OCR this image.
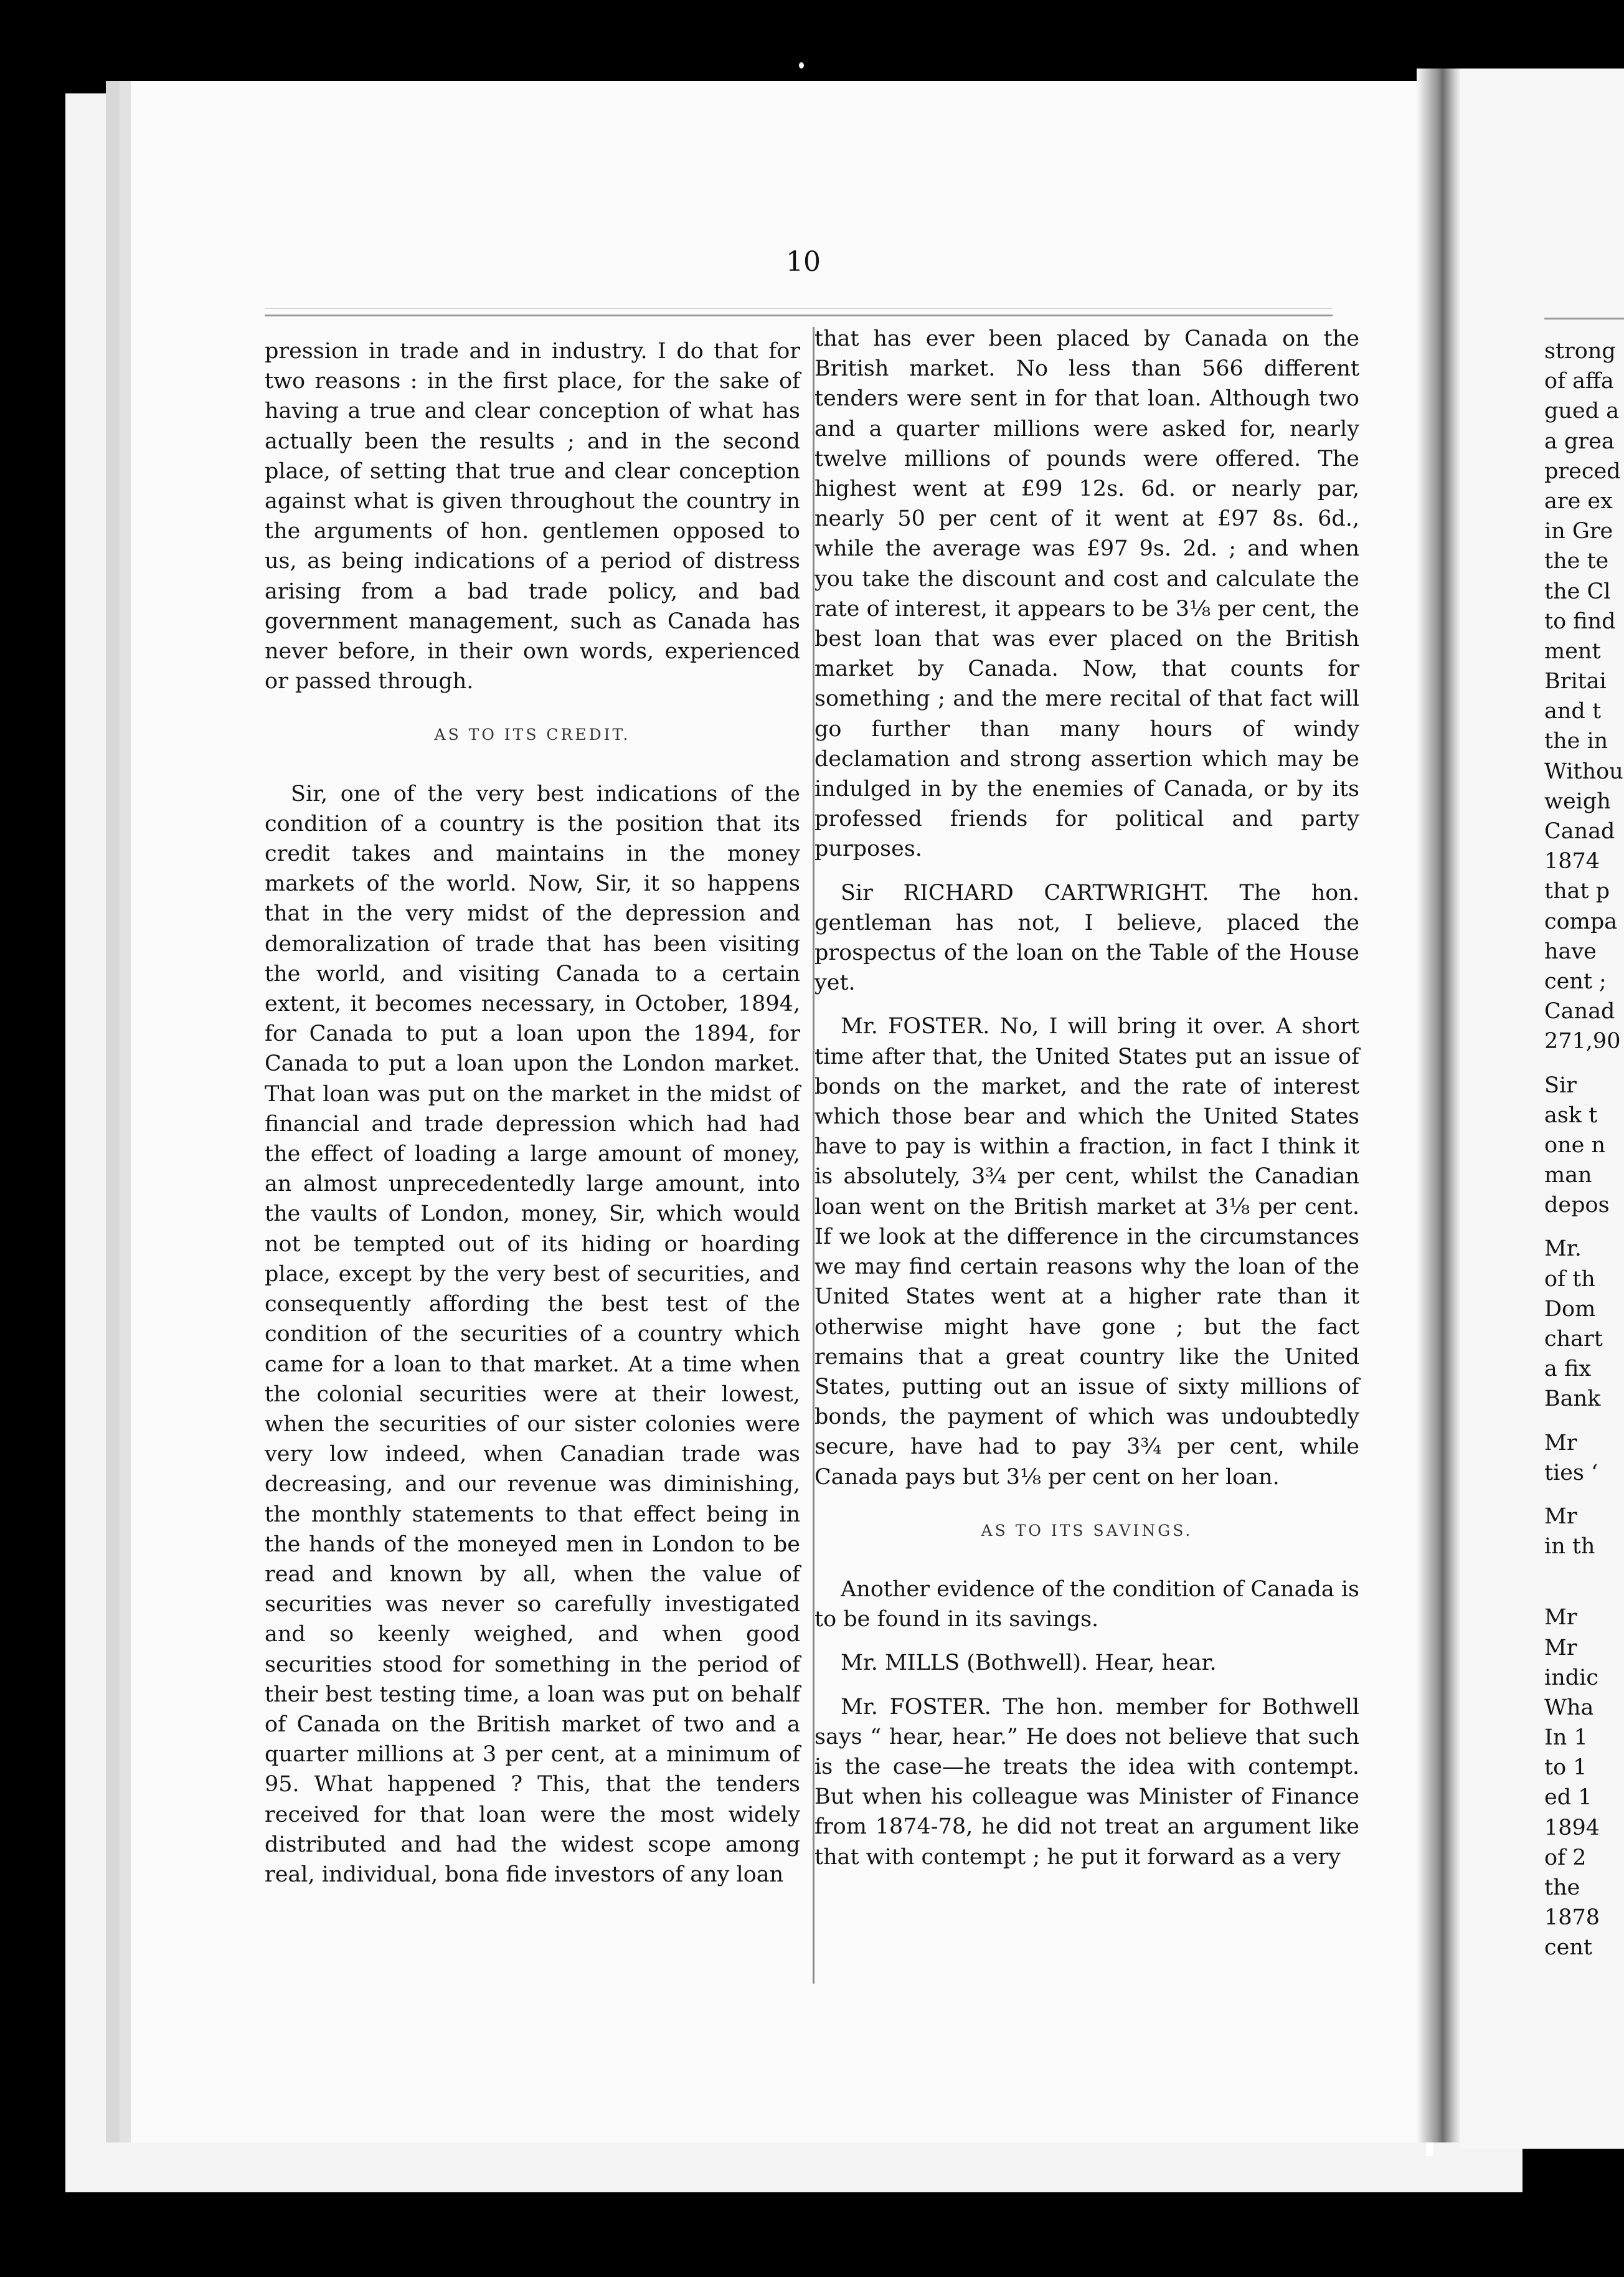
10

pression in trade and in industry. I do that for two reasons : in the first place, for the sake of having a true and clear conception of what has actually been the results ; and in the second place, of setting that true and clear conception against what is given throughout the country in the arguments of hon. gentlemen opposed to us, as being indications of a period of distress arising from a bad trade policy, and bad government management, such as Canada has never before, in their own words, experienced or passed through.

AS TO ITS CREDIT.

Sir, one of the very best indications of the condition of a country is the position that its credit takes and maintains in the money markets of the world. Now, Sir, it so happens that in the very midst of the depression and demoralization of trade that has been visiting the world, and visiting Canada to a certain extent, it becomes necessary, in October, 1894, for Canada to put a loan upon the 1894, for Canada to put a loan upon the London market. That loan was put on the market in the midst of financial and trade depression which had had the effect of loading a large amount of money, an almost unprecedentedly large amount, into the vaults of London, money, Sir, which would not be tempted out of its hiding or hoarding place, except by the very best of securities, and consequently affording the best test of the condition of the securities of a country which came for a loan to that market. At a time when the colonial securities were at their lowest, when the securities of our sister colonies were very low indeed, when Canadian trade was decreasing, and our revenue was diminishing, the monthly statements to that effect being in the hands of the moneyed men in London to be read and known by all, when the value of securities was never so carefully investigated and so keenly weighed, and when good securities stood for something in the period of their best testing time, a loan was put on behalf of Canada on the British market of two and a quarter millions at 3 per cent, at a minimum of 95. What happened ? This, that the tenders received for that loan were the most widely distributed and had the widest scope among real, individual, bona fide investors of any loan

that has ever been placed by Canada on the British market. No less than 566 different tenders were sent in for that loan. Although two and a quarter millions were asked for, nearly twelve millions of pounds were offered. The highest went at £99 12s. 6d. or nearly par, nearly 50 per cent of it went at £97 8s. 6d., while the average was £97 9s. 2d. ; and when you take the discount and cost and calculate the rate of interest, it appears to be 3⅛ per cent, the best loan that was ever placed on the British market by Canada. Now, that counts for something ; and the mere recital of that fact will go further than many hours of windy declamation and strong assertion which may be indulged in by the enemies of Canada, or by its professed friends for political and party purposes.

Sir RICHARD CARTWRIGHT. The hon. gentleman has not, I believe, placed the prospectus of the loan on the Table of the House yet.

Mr. FOSTER. No, I will bring it over. A short time after that, the United States put an issue of bonds on the market, and the rate of interest which those bear and which the United States have to pay is within a fraction, in fact I think it is absolutely, 3¾ per cent, whilst the Canadian loan went on the British market at 3⅛ per cent. If we look at the difference in the circumstances we may find certain reasons why the loan of the United States went at a higher rate than it otherwise might have gone ; but the fact remains that a great country like the United States, putting out an issue of sixty millions of bonds, the payment of which was undoubtedly secure, have had to pay 3¾ per cent, while Canada pays but 3⅛ per cent on her loan.

AS TO ITS SAVINGS.

Another evidence of the condition of Canada is to be found in its savings.

Mr. MILLS (Bothwell). Hear, hear.

Mr. FOSTER. The hon. member for Bothwell says “ hear, hear.” He does not believe that such is the case—he treats the idea with contempt. But when his colleague was Minister of Finance from 1874-78, he did not treat an argument like that with contempt ; he put it forward as a very

strong
of affa
gued a
a grea
preced
are ex
in Gre
the te
the Cl
to find
ment
Britai
and t
the in
Withou
weigh
Canad
1874
that p
compa
have
cent ;
Canad
271,90
Sir
ask t
one n
man
depos
Mr.
of th
Dom
chart
a fix
Bank
Mr
ties ‘
Mr
in th
Mr
Mr
indic
Wha
In 1
to 1
ed 1
1894
of 2
the
1878
cent
